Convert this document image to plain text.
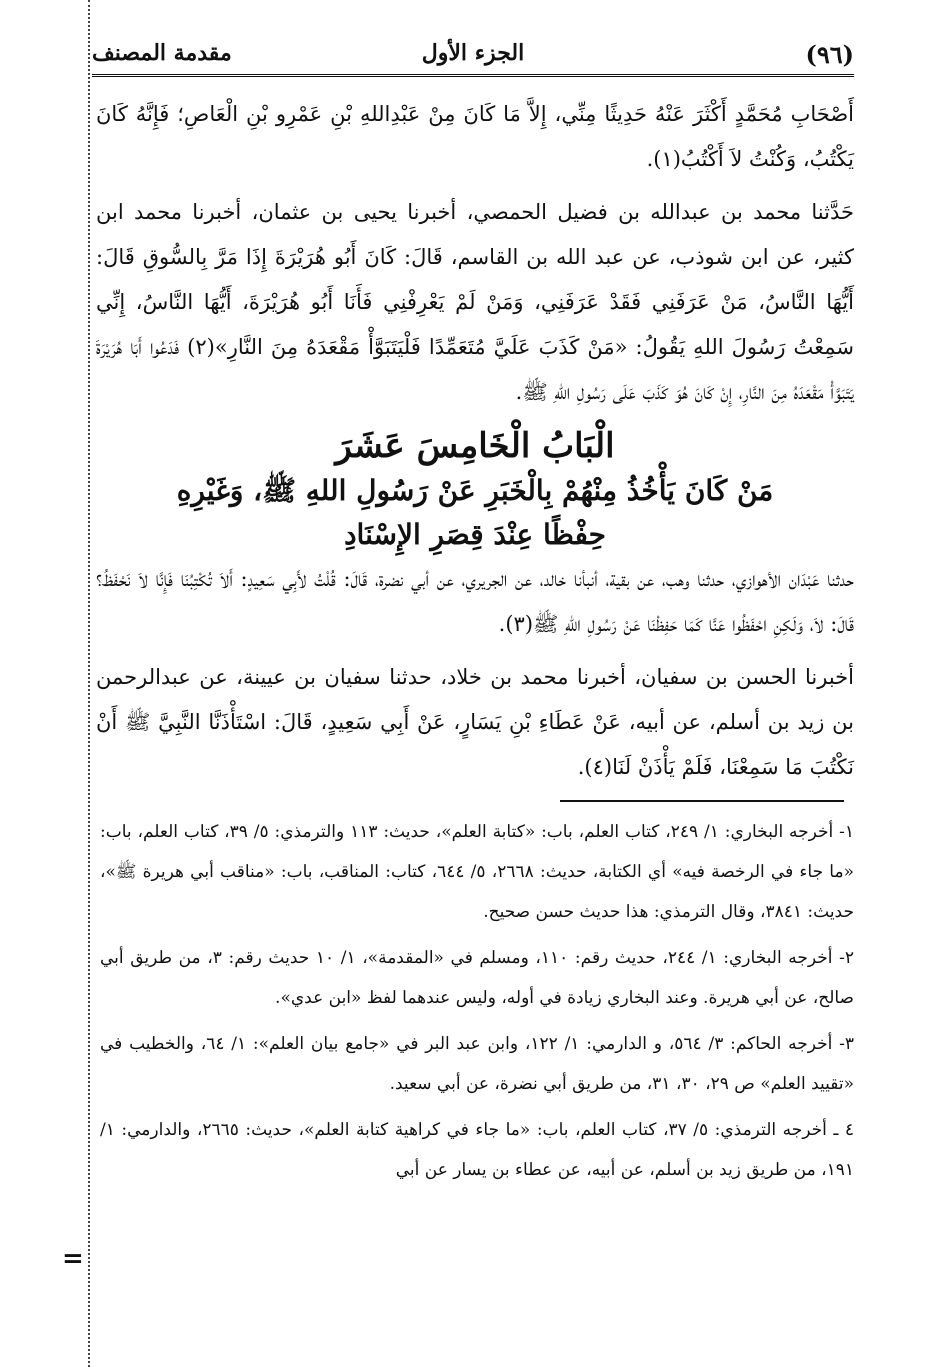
(٩٦)
الجزء الأول
مقدمة المصنف

أَصْحَابِ مُحَمَّدٍ أَكْثَرَ عَنْهُ حَدِيثًا مِنِّي، إِلاَّ مَا كَانَ مِنْ عَبْدِاللهِ بْنِ عَمْرِو بْنِ الْعَاصِ؛ فَإِنَّهُ كَانَ يَكْتُبُ، وَكُنْتُ لاَ أَكْتُبُ(١).

حَدَّثنا محمد بن عبدالله بن فضيل الحمصي، أخبرنا يحيى بن عثمان، أخبرنا محمد ابن كثير، عن ابن شوذب، عن عبد الله بن القاسم، قَالَ: كَانَ أَبُو هُرَيْرَةَ إِذَا مَرَّ بِالسُّوقِ قَالَ: أَيُّهَا النَّاسُ، مَنْ عَرَفَنِي فَقَدْ عَرَفَنِي، وَمَنْ لَمْ يَعْرِفْنِي فَأَنَا أَبُو هُرَيْرَةَ، أَيُّهَا النَّاسُ، إِنِّي سَمِعْتُ رَسُولَ اللهِ يَقُولُ: «مَنْ كَذَبَ عَلَيَّ مُتَعَمِّدًا فَلْيَتَبَوَّأْ مَقْعَدَهُ مِنَ النَّارِ»(٢) فَدَعُوا أَبَا هُرَيْرَةَ يَتَبَوَّأْ مَقْعَدَهُ مِنَ النَّارِ، إِنْ كَانَ هُوَ كَذَبَ عَلَى رَسُولِ اللهِ ﷺ.

الْبَابُ الْخَامِسَ عَشَرَ
مَنْ كَانَ يَأْخُذُ مِنْهُمْ بِالْخَبَرِ عَنْ رَسُولِ اللهِ ﷺ، وَغَيْرِهِ
حِفْظًا عِنْدَ قِصَرِ الإِسْنَادِ

حدثنا عَبْدَان الأهوازي، حدثنا وهب، عن بقية، أنبأنا خالد، عن الجريري، عن أبي نضرة، قَالَ: قُلْتُ لأَبِي سَعِيدٍ: أَلاَ تُكْتِبُنَا فَإِنَّا لاَ نَحْفَظُ؟ قَالَ: لاَ، وَلَكِنِ احْفَظُوا عَنَّا كَمَا حَفِظْنَا عَنْ رَسُولِ اللهِ ﷺ(٣).

أخبرنا الحسن بن سفيان، أخبرنا محمد بن خلاد، حدثنا سفيان بن عيينة، عن عبدالرحمن بن زيد بن أسلم، عن أبيه، عَنْ عَطَاءِ بْنِ يَسَارٍ، عَنْ أَبِي سَعِيدٍ، قَالَ: اسْتَأْذَنَّا النَّبِيَّ ﷺ أَنْ نَكْتُبَ مَا سَمِعْنَا، فَلَمْ يَأْذَنْ لَنَا(٤).

١- أخرجه البخاري: ١/ ٢٤٩، كتاب العلم، باب: «كتابة العلم»، حديث: ١١٣ والترمذي: ٥/ ٣٩، كتاب العلم، باب: «ما جاء في الرخصة فيه» أي الكتابة، حديث: ٢٦٦٨، ٥/ ٦٤٤، كتاب: المناقب، باب: «مناقب أبي هريرة ﷺ»، حديث: ٣٨٤١، وقال الترمذي: هذا حديث حسن صحيح.

٢- أخرجه البخاري: ١/ ٢٤٤، حديث رقم: ١١٠، ومسلم في «المقدمة»، ١/ ١٠ حديث رقم: ٣، من طريق أبي صالح، عن أبي هريرة. وعند البخاري زيادة في أوله، وليس عندهما لفظ «ابن عدي».

٣- أخرجه الحاكم: ٣/ ٥٦٤، و الدارمي: ١/ ١٢٢، وابن عبد البر في «جامع بيان العلم»: ١/ ٦٤، والخطيب في «تقييد العلم» ص ٢٩، ٣٠، ٣١، من طريق أبي نضرة، عن أبي سعيد.

٤ ـ أخرجه الترمذي: ٥/ ٣٧، كتاب العلم، باب: «ما جاء في كراهية كتابة العلم»، حديث: ٢٦٦٥، والدارمي: ١/ ١٩١، من طريق زيد بن أسلم، عن أبيه، عن عطاء بن يسار عن أبي

=
